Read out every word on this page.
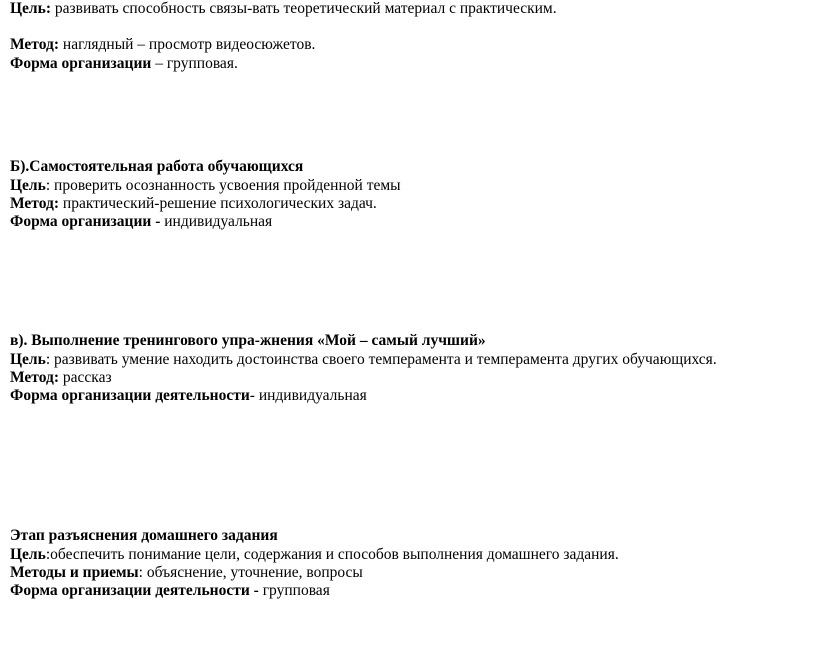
Цель: развивать способность связы-вать теоретический материал с практическим.
Метод: наглядный – просмотр видеосюжетов.
Форма организации – групповая.
Б).Самостоятельная работа обучающихся
Цель: проверить осознанность усвоения пройденной темы
Метод: практический-решение психологических задач.
Форма организации - индивидуальная
в). Выполнение тренингового упра-жнения «Мой – самый лучший»
Цель: развивать умение находить достоинства своего темперамента и темперамента других обучающихся.
Метод: рассказ
Форма организации деятельности- индивидуальная
Этап разъяснения домашнего задания
Цель:обеспечить понимание цели, содержания и способов выполнения домашнего задания.
Методы и приемы: объяснение, уточнение, вопросы
Форма организации деятельности - групповая
